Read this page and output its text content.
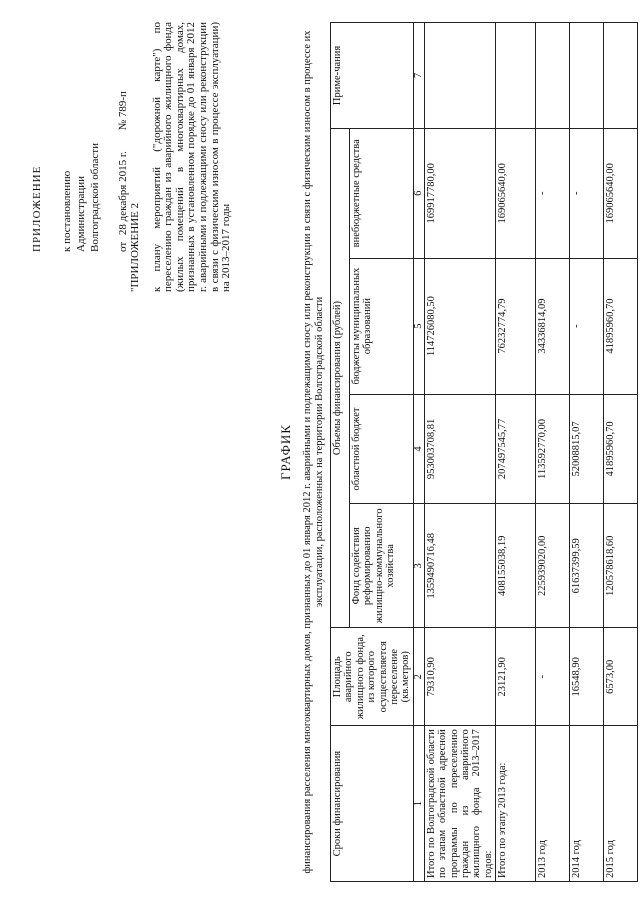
ПРИЛОЖЕНИЕ к постановлению Администрации Волгоградской области от 28 декабря 2015 г. № 789-п
"ПРИЛОЖЕНИЕ 2 к плану мероприятий ("дорожной карте") по переселению граждан из аварийного жилищного фонда (жилых помещений в многоквартирных домах, признанных в установленном порядке до 01 января 2012 г. аварийными и подлежащими сносу или реконструкции в связи с физическим износом в процессе эксплуатации) на 2013–2017 годы
ГРАФИК финансирования расселения многоквартирных домов, признанных до 01 января 2012 г. аварийными и подлежащими сносу или реконструкции в связи с физическим износом в процессе их эксплуатации, расположенных на территории Волгоградской области
Сроки финансирования	Площадь аварийного жилищного фонда, из которого осуществляется переселение (кв.метров)	Объемы финансирования (рублей)				Приме-чания
		Фонд содействия реформированию жилищно-коммунального хозяйства	областной бюджет	бюджеты муниципальных образований	внебюджетные средства	
1	2	3	4	5	6	7
Итого по Волгоградской области по этапам областной адресной программы по переселению граждан из аварийного жилищного фонда 2013–2017 годов:	79310,90	1359490716,48	953003708,81	114726080,50	169917780,00	
Итого по этапу 2013 года:	23121,90	408155038,19	207497545,77	76232774,79	169065640,00	
2013 год	-	225939020,00	113592770,00	34336814,09	-	
2014 год	16548,90	61637399,59	52008815,07	-	-	
2015 год	6573,00	120578618,60	41895960,70	41895960,70	169065640,00	
